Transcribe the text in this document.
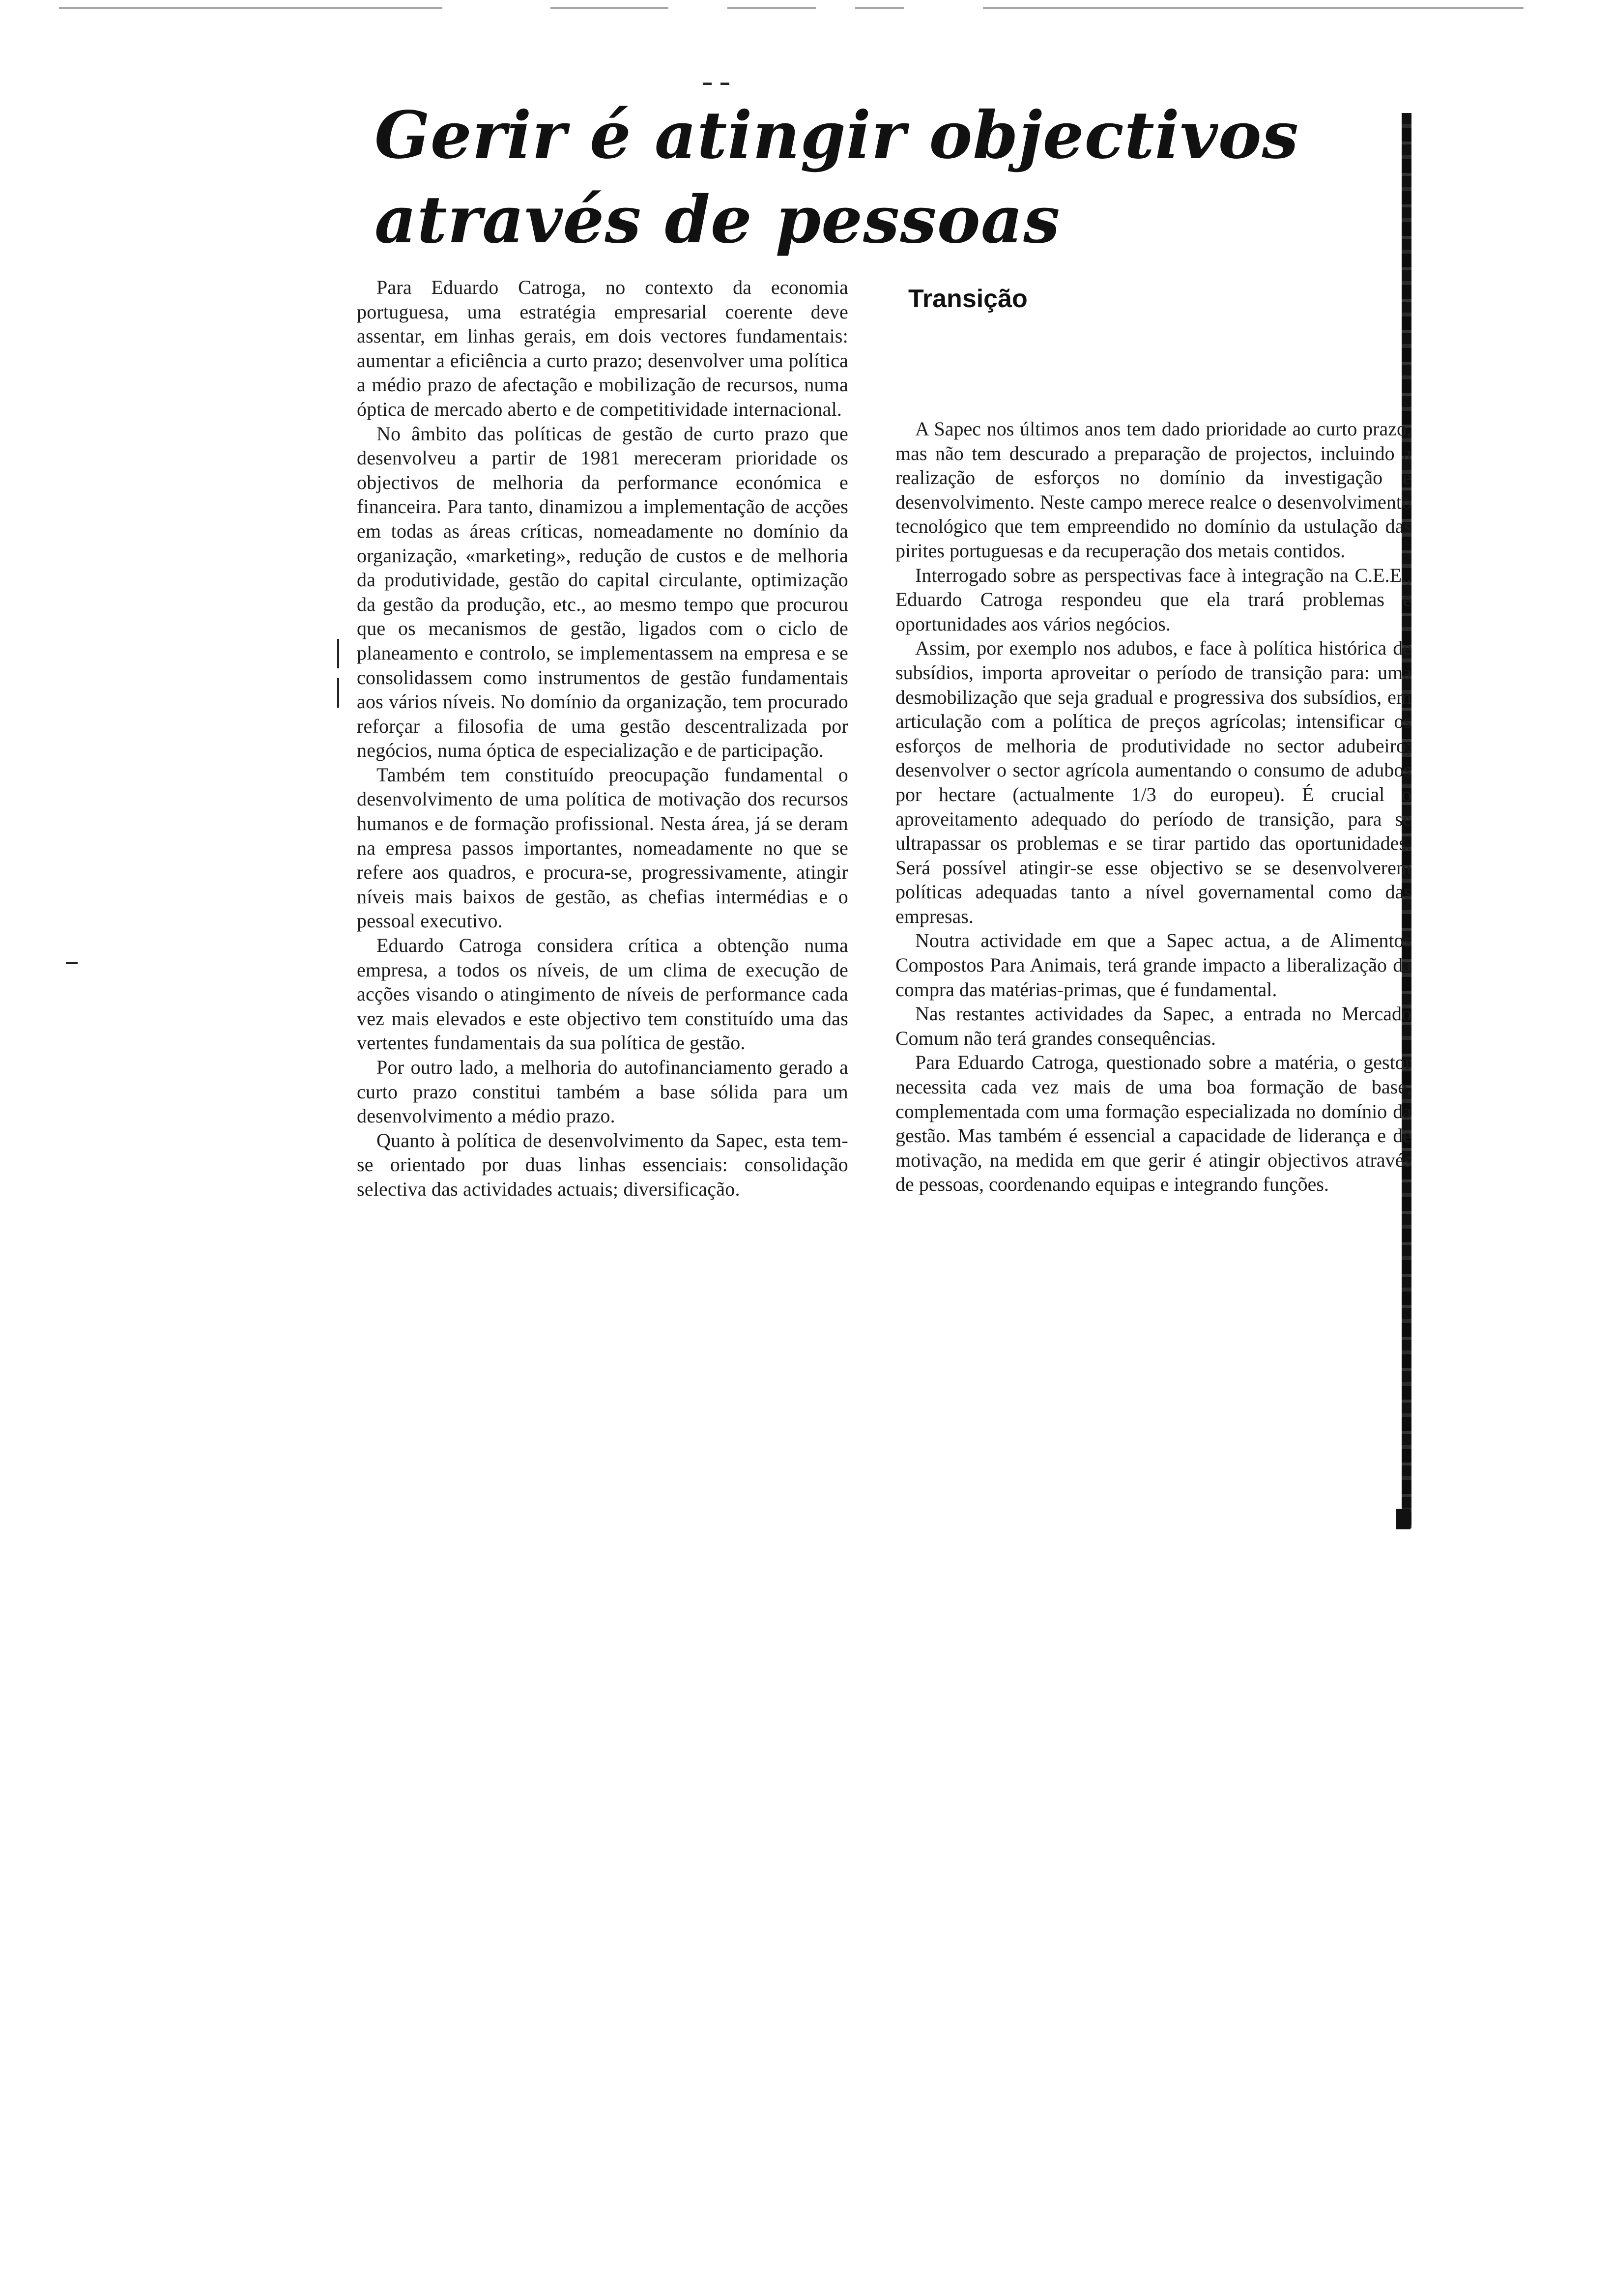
Gerir é atingir objectivos através de pessoas

Para Eduardo Catroga, no contexto da economia portuguesa, uma estratégia empresarial coerente deve assentar, em linhas gerais, em dois vectores fundamentais: aumentar a eficiência a curto prazo; desenvolver uma política a médio prazo de afectação e mobilização de recursos, numa óptica de mercado aberto e de competitividade internacional.

No âmbito das políticas de gestão de curto prazo que desenvolveu a partir de 1981 mereceram prioridade os objectivos de melhoria da performance económica e financeira. Para tanto, dinamizou a implementação de acções em todas as áreas críticas, nomeadamente no domínio da organização, «marketing», redução de custos e de melhoria da produtividade, gestão do capital circulante, optimização da gestão da produção, etc., ao mesmo tempo que procurou que os mecanismos de gestão, ligados com o ciclo de planeamento e controlo, se implementassem na empresa e se consolidassem como instrumentos de gestão fundamentais aos vários níveis. No domínio da organização, tem procurado reforçar a filosofia de uma gestão descentralizada por negócios, numa óptica de especialização e de participação.

Também tem constituído preocupação fundamental o desenvolvimento de uma política de motivação dos recursos humanos e de formação profissional. Nesta área, já se deram na empresa passos importantes, nomeadamente no que se refere aos quadros, e procura-se, progressivamente, atingir níveis mais baixos de gestão, as chefias intermédias e o pessoal executivo.

Eduardo Catroga considera crítica a obtenção numa empresa, a todos os níveis, de um clima de execução de acções visando o atingimento de níveis de performance cada vez mais elevados e este objectivo tem constituído uma das vertentes fundamentais da sua política de gestão.

Por outro lado, a melhoria do autofinanciamento gerado a curto prazo constitui também a base sólida para um desenvolvimento a médio prazo.

Quanto à política de desenvolvimento da Sapec, esta tem-se orientado por duas linhas essenciais: consolidação selectiva das actividades actuais; diversificação.

Transição

A Sapec nos últimos anos tem dado prioridade ao curto prazo, mas não tem descurado a preparação de projectos, incluindo a realização de esforços no domínio da investigação e desenvolvimento. Neste campo merece realce o desenvolvimento tecnológico que tem empreendido no domínio da ustulação das pirites portuguesas e da recuperação dos metais contidos.

Interrogado sobre as perspectivas face à integração na C.E.E., Eduardo Catroga respondeu que ela trará problemas e oportunidades aos vários negócios.

Assim, por exemplo nos adubos, e face à política histórica de subsídios, importa aproveitar o período de transição para: uma desmobilização que seja gradual e progressiva dos subsídios, em articulação com a política de preços agrícolas; intensificar os esforços de melhoria de produtividade no sector adubeiro; desenvolver o sector agrícola aumentando o consumo de adubos por hectare (actualmente 1/3 do europeu). É crucial o aproveitamento adequado do período de transição, para se ultrapassar os problemas e se tirar partido das oportunidades. Será possível atingir-se esse objectivo se se desenvolverem políticas adequadas tanto a nível governamental como das empresas.

Noutra actividade em que a Sapec actua, a de Alimentos Compostos Para Animais, terá grande impacto a liberalização da compra das matérias-primas, que é fundamental.

Nas restantes actividades da Sapec, a entrada no Mercado Comum não terá grandes consequências.

Para Eduardo Catroga, questionado sobre a matéria, o gestor necessita cada vez mais de uma boa formação de base, complementada com uma formação especializada no domínio da gestão. Mas também é essencial a capacidade de liderança e de motivação, na medida em que gerir é atingir objectivos através de pessoas, coordenando equipas e integrando funções.
